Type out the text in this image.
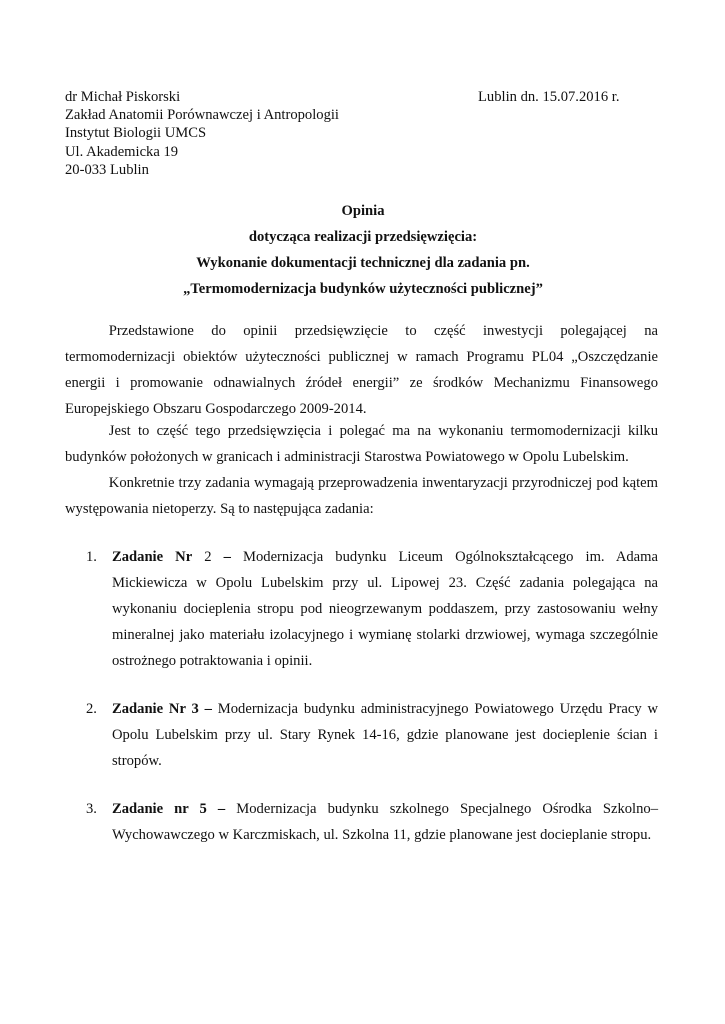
dr Michał Piskorski
Zakład Anatomii Porównawczej i Antropologii
Instytut Biologii UMCS
Ul. Akademicka 19
20-033 Lublin
Lublin dn. 15.07.2016 r.
Opinia
dotycząca realizacji przedsięwzięcia:
Wykonanie dokumentacji technicznej dla zadania pn.
„Termomodernizacja budynków użyteczności publicznej”
   Przedstawione do opinii przedsięwzięcie to część inwestycji polegającej na termomodernizacji obiektów użyteczności publicznej w ramach Programu PL04 „Oszczędzanie energii i promowanie odnawialnych źródeł energii” ze środków Mechanizmu Finansowego Europejskiego Obszaru Gospodarczego 2009-2014.
   Jest to część tego przedsięwzięcia i polegać ma na wykonaniu termomodernizacji kilku budynków położonych w granicach i administracji Starostwa Powiatowego w Opolu Lubelskim.
   Konkretnie trzy zadania wymagają przeprowadzenia inwentaryzacji przyrodniczej pod kątem występowania nietoperzy. Są to następująca zadania:
1. Zadanie Nr 2 – Modernizacja budynku Liceum Ogólnokształcącego im. Adama Mickiewicza w Opolu Lubelskim przy ul. Lipowej 23. Część zadania polegająca na wykonaniu docieplenia stropu pod nieogrzewanym poddaszem, przy zastosowaniu wełny mineralnej jako materiału izolacyjnego i wymianę stolarki drzwiowej, wymaga szczególnie ostrożnego potraktowania i opinii.
2. Zadanie Nr 3 – Modernizacja budynku administracyjnego Powiatowego Urzędu Pracy w Opolu Lubelskim przy ul. Stary Rynek 14-16, gdzie planowane jest docieplenie ścian i stropów.
3. Zadanie nr 5 – Modernizacja budynku szkolnego Specjalnego Ośrodka Szkolno–Wychowawczego w Karczmiskach, ul. Szkolna 11, gdzie planowane jest docieplanie stropu.
